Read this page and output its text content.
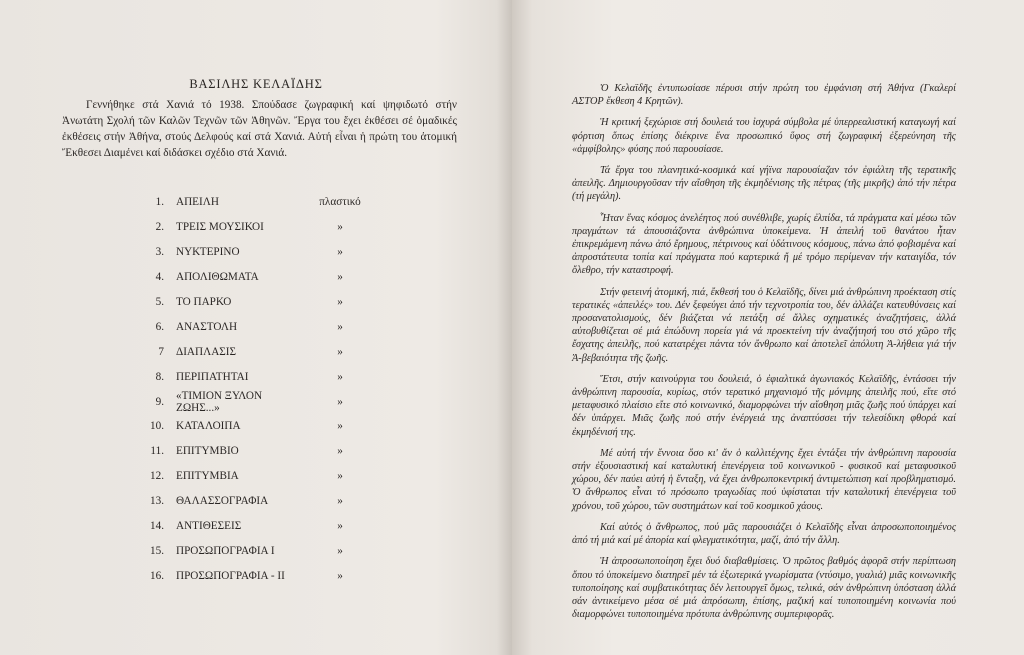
ΒΑΣΙΛΗΣ ΚΕΛΑΪΔΗΣ
Γεννήθηκε στά Χανιά τό 1938. Σπούδασε ζωγραφική καί ψηφιδωτό στήν Ἀνωτάτη Σχολή τῶν Καλῶν Τεχνῶν τῶν Ἀθηνῶν. Ἔργα του ἔχει ἐκθέσει σέ ὁμαδικές ἐκθέσεις στήν Ἀθήνα, στούς Δελφούς καί στά Χανιά. Αὐτή εἶναι ἡ πρώτη του ἀτομική Ἔκθεσει Διαμένει καί διδάσκει σχέδιο στά Χανιά.
1.	ΑΠΕΙΛΗ	πλαστικό
2.	ΤΡΕΙΣ ΜΟΥΣΙΚΟΙ	»
3.	ΝΥΚΤΕΡΙΝΟ	»
4.	ΑΠΟΛΙΘΩΜΑΤΑ	»
5.	ΤΟ ΠΑΡΚΟ	»
6.	ΑΝΑΣΤΟΛΗ	»
7	ΔΙΑΠΛΑΣΙΣ	»
8.	ΠΕΡΙΠΑΤΗΤΑΙ	»
9.	«ΤΙΜΙΟΝ ΞΥΛΟΝ ΖΩΗΣ...»	»
10.	ΚΑΤΑΛΟΙΠΑ	»
11.	ΕΠΙΤΥΜΒΙΟ	»
12.	ΕΠΙΤΥΜΒΙΑ	»
13.	ΘΑΛΑΣΣΟΓΡΑΦΙΑ	»
14.	ΑΝΤΙΘΕΣΕΙΣ	»
15.	ΠΡΟΣΩΠΟΓΡΑΦΙΑ Ι	»
16.	ΠΡΟΣΩΠΟΓΡΑΦΙΑ - ΙΙ	»

Ὁ Κελαϊδῆς ἐντυπωσίασε πέρυσι στήν πρώτη του ἐμφάνιση στή Ἀθήνα (Γκαλερί ΑΣΤΟΡ ἔκθεση 4 Κρητῶν).

Ἡ κριτική ξεχώρισε στή δουλειά του ἰσχυρά σύμβολα μέ ὑπερρεαλιστική καταγωγή καί φόρτιση ὅπως ἐπίσης διέκρινε ἕνα προσωπικό ὕφος στή ζωγραφική ἐξερεύνηση τῆς «ἀμφίβολης» φύσης πού παρουσίασε.

Τά ἔργα του πλανητικά-κοσμικά καί γήϊνα παρουσίαζαν τόν ἐφιάλτη τῆς τερατικῆς ἀπειλῆς. Δημιουργοῦσαν τήν αἴσθηση τῆς ἐκμηδένισης τῆς πέτρας (τῆς μικρῆς) ἀπό τήν πέτρα (τή μεγάλη).

Ἦταν ἕνας κόσμος ἀνελέητος πού συνέθλιβε, χωρίς ἐλπίδα, τά πράγματα καί μέσω τῶν πραγμάτων τά ἀπουσιάζοντα ἀνθρώπινα ὑποκείμενα. Ἡ ἀπειλή τοῦ θανάτου ἦταν ἐπικρεμάμενη πάνω ἀπό ἔρημους, πέτρινους καί ὑδάτινους κόσμους, πάνω ἀπό φοβισμένα καί ἀπροστάτευτα τοπία καί πράγματα πού καρτερικά ἤ μέ τρόμο περίμεναν τήν καταιγίδα, τόν ὄλεθρο, τήν καταστροφή.

Στήν φετεινή ἀτομική, πιά, ἔκθεσή του ὁ Κελαϊδῆς, δίνει μιά ἀνθρώπινη προέκταση στίς τερατικές «ἀπειλές» του. Δέν ξεφεύγει ἀπό τήν τεχνοτροπία του, δέν ἀλλάζει κατευθύνσεις καί προσανατολισμούς, δέν βιάζεται νά πετάξη σέ ἄλλες σχηματικές ἀναζητήσεις, ἀλλά αὐτοβυθίζεται σέ μιά ἐπώδυνη πορεία γιά νά προεκτείνη τήν ἀναζήτησή του στό χῶρο τῆς ἔσχατης ἀπειλῆς, πού κατατρέχει πάντα τόν ἄνθρωπο καί ἀποτελεῖ ἀπόλυτη Ἀ-λήθεια γιά τήν Ἀ-βεβαιότητα τῆς ζωῆς.

Ἔτσι, στήν καινούργια του δουλειά, ὁ ἐφιαλτικά ἀγωνιακός Κελαϊδῆς, ἐντάσσει τήν ἀνθρώπινη παρουσία, κυρίως, στόν τερατικό μηχανισμό τῆς μόνιμης ἀπειλῆς πού, εἴτε στό μεταφυσικό πλαίσιο εἴτε στό κοινωνικό, διαμορφώνει τήν αἴσθηση μιᾶς ζωῆς πού ὑπάρχει καί δέν ὑπάρχει. Μιᾶς ζωῆς πού στήν ἐνέργειά της ἀναπτύσσει τήν τελεσίδικη φθορά καί ἐκμηδένισή της.

Μέ αὐτή τήν ἔννοια ὅσο κι' ἄν ὁ καλλιτέχνης ἔχει ἐντάξει τήν ἀνθρώπινη παρουσία στήν ἐξουσιαστική καί καταλυτική ἐπενέργεια τοῦ κοινωνικοῦ - φυσικοῦ καί μεταφυσικοῦ χώρου, δέν παύει αὐτή ἡ ἔνταξη, νά ἔχει ἀνθρωποκεντρική ἀντιμετώπιση καί προβληματισμό. Ὁ ἄνθρωπος εἶναι τό πρόσωπο τραγωδίας πού ὑφίσταται τήν καταλυτική ἐπενέργεια τοῦ χρόνου, τοῦ χώρου, τῶν συστημάτων καί τοῦ κοσμικοῦ χάους.

Καί αὐτός ὁ ἄνθρωπος, πού μᾶς παρουσιάζει ὁ Κελαϊδῆς εἶναι ἀπροσωποποιημένος ἀπό τή μιά καί μέ ἀπορία καί φλεγματικότητα, μαζί, ἀπό τήν ἄλλη.

Ἡ ἀπροσωποποίηση ἔχει δυό διαβαθμίσεις. Ὁ πρῶτος βαθμός ἀφορᾶ στήν περίπτωση ὅπου τό ὑποκείμενο διατηρεῖ μέν τά ἐξωτερικά γνωρίσματα (ντύσιμο, γυαλιά) μιᾶς κοινωνικῆς τυποποίησης καί συμβατικότητας δέν λειτουργεῖ ὅμως, τελικά, σάν ἀνθρώπινη ὑπόσταση ἀλλά σάν ἀντικείμενο μέσα σέ μιά ἀπρόσωπη, ἐπίσης, μαζική καί τυποποιημένη κοινωνία πού διαμορφώνει τυποποιημένα πρότυπα ἀνθρώπινης συμπεριφορᾶς.
